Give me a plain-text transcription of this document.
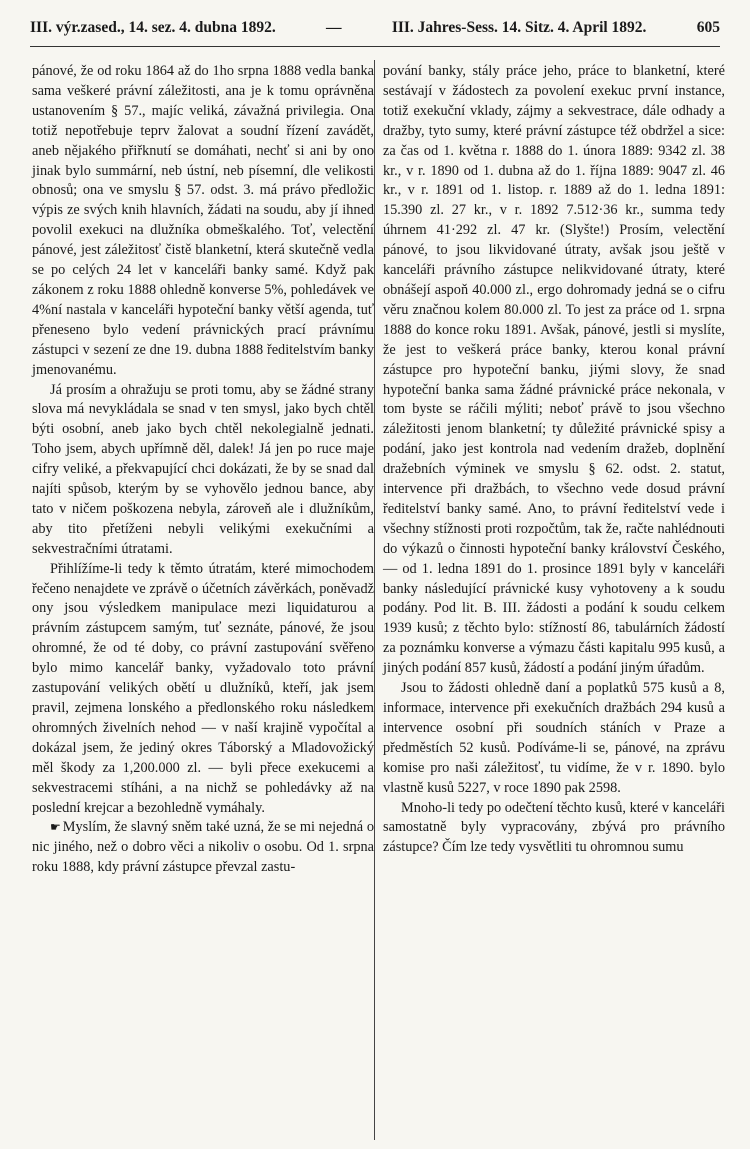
III. výr.zased., 14. sez. 4. dubna 1892.	—	III. Jahres-Sess. 14. Sitz. 4. April 1892.	605

pánové, že od roku 1864 až do 1ho srpna 1888 vedla banka sama veškeré právní záležitosti, ana je k tomu oprávněna ustanovením § 57., majíc veliká, závažná privilegia. Ona totiž nepotřebuje teprv žalovat a soudní řízení zavádět, aneb nějakého přiřknutí se domáhati, nechť si ani by ono jinak bylo summární, neb ústní, neb písemní, dle velikosti obnosů; ona ve smyslu § 57. odst. 3. má právo předložic výpis ze svých knih hlavních, žádati na soudu, aby jí ihned povolil exekuci na dlužníka obmeškalého. Toť, velectění pánové, jest záležitosť čistě blanketní, která skutečně vedla se po celých 24 let v kanceláři banky samé. Když pak zákonem z roku 1888 ohledně konverse 5%, pohledávek ve 4%ní nastala v kanceláři hypoteční banky větší agenda, tuť přeneseno bylo vedení právnických prací právnímu zástupci v sezení ze dne 19. dubna 1888 ředitelstvím banky jmenovanému.

Já prosím a ohražuju se proti tomu, aby se žádné strany slova má nevykládala se snad v ten smysl, jako bych chtěl býti osobní, aneb jako bych chtěl nekolegialně jednati. Toho jsem, abych upřímně děl, dalek! Já jen po ruce maje cifry veliké, a překvapující chci dokázati, že by se snad dal najíti spůsob, kterým by se vyhovělo jednou bance, aby tato v ničem poškozena nebyla, zároveň ale i dlužníkům, aby tito přetíženi nebyli velikými exekučními a sekvestračními útratami.

Přihlížíme-li tedy k těmto útratám, které mimochodem řečeno nenajdete ve zprávě o účetních závěrkách, poněvadž ony jsou výsledkem manipulace mezi liquidaturou a právním zástupcem samým, tuť seznáte, pánové, že jsou ohromné, že od té doby, co právní zastupování svěřeno bylo mimo kancelář banky, vyžadovalo toto právní zastupování velikých obětí u dlužníků, kteří, jak jsem pravil, zejmena lonského a předlonského roku následkem ohromných živelních nehod — v naší krajině vypočítal a dokázal jsem, že jediný okres Táborský a Mladovožický měl škody za 1,200.000 zl. — byli přece exekucemi a sekvestracemi stíháni, a na nichž se pohledávky až na poslední krejcar a bezohledně vymáhaly.

☛ Myslím, že slavný sněm také uzná, že se mi nejedná o nic jiného, než o dobro věci a nikoliv o osobu. Od 1. srpna roku 1888, kdy právní zástupce převzal zastu-

pování banky, stály práce jeho, práce to blanketní, které sestávají v žádostech za povolení exekuc první instance, totiž exekuční vklady, zájmy a sekvestrace, dále odhady a dražby, tyto sumy, které právní zástupce též obdržel a sice: za čas od 1. května r. 1888 do 1. února 1889: 9342 zl. 38 kr., v r. 1890 od 1. dubna až do 1. října 1889: 9047 zl. 46 kr., v r. 1891 od 1. listop. r. 1889 až do 1. ledna 1891: 15.390 zl. 27 kr., v r. 1892 7.512·36 kr., summa tedy úhrnem 41·292 zl. 47 kr. (Slyšte!) Prosím, velectění pánové, to jsou likvidované útraty, avšak jsou ještě v kanceláři právního zástupce nelikvidované útraty, které obnášejí aspoň 40.000 zl., ergo dohromady jedná se o cifru věru značnou kolem 80.000 zl. To jest za práce od 1. srpna 1888 do konce roku 1891. Avšak, pánové, jestli si myslíte, že jest to veškerá práce banky, kterou konal právní zástupce pro hypoteční banku, jiými slovy, že snad hypoteční banka sama žádné právnické práce nekonala, v tom byste se ráčili mýliti; neboť právě to jsou všechno záležitosti jenom blanketní; ty důležité právnické spisy a podání, jako jest kontrola nad vedením dražeb, doplnění dražebních výminek ve smyslu § 62. odst. 2. statut, intervence při dražbách, to všechno vede dosud právní ředitelství banky samé. Ano, to právní ředitelství vede i všechny stížnosti proti rozpočtům, tak že, račte nahlédnouti do výkazů o činnosti hypoteční banky království Českého, — od 1. ledna 1891 do 1. prosince 1891 byly v kanceláři banky následující právnické kusy vyhotoveny a k soudu podány. Pod lit. B. III. žádosti a podání k soudu celkem 1939 kusů; z těchto bylo: stížností 86, tabulárních žádostí za poznámku konverse a výmazu části kapitalu 995 kusů, a jiných podání 857 kusů, žádostí a podání jiným úřadům.

Jsou to žádosti ohledně daní a poplatků 575 kusů a 8, informace, intervence při exekučních dražbách 294 kusů a intervence osobní při soudních stáních v Praze a předměstích 52 kusů. Podíváme-li se, pánové, na zprávu komise pro naši záležitosť, tu vidíme, že v r. 1890. bylo vlastně kusů 5227, v roce 1890 pak 2598.

Mnoho-li tedy po odečtení těchto kusů, které v kanceláři samostatně byly vypracovány, zbývá pro právního zástupce? Čím lze tedy vysvětliti tu ohromnou sumu
